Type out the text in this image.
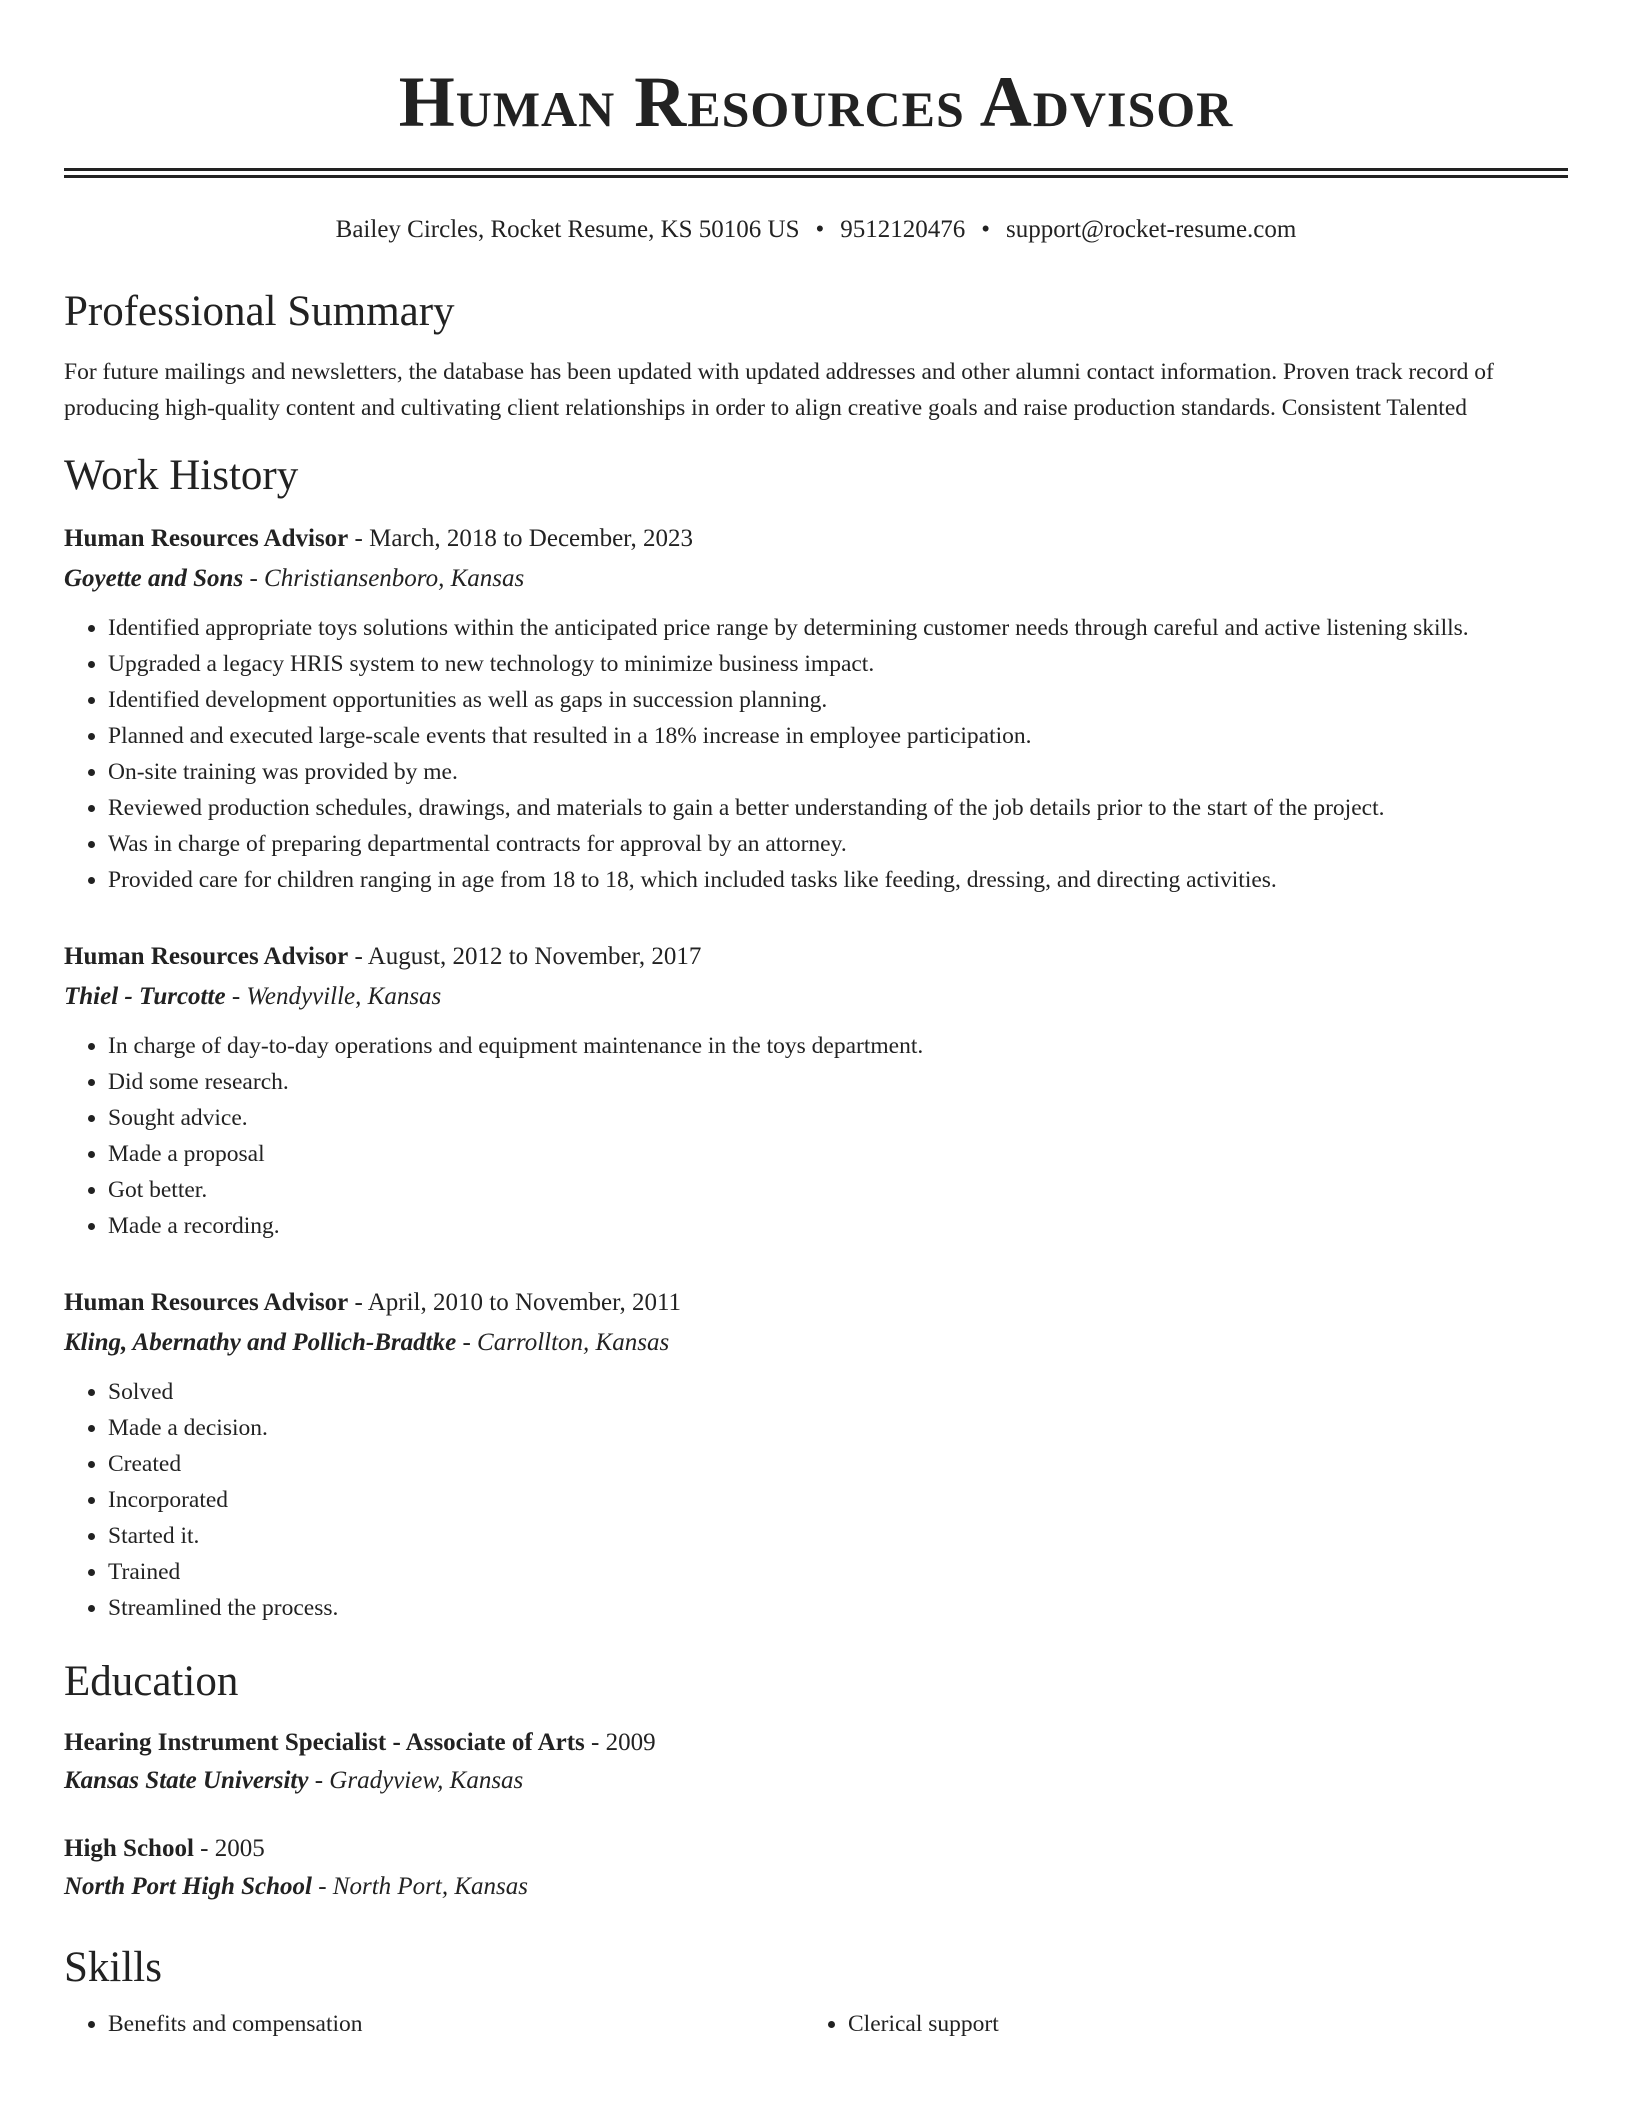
Human Resources Advisor
Bailey Circles, Rocket Resume, KS 50106 US • 9512120476 • support@rocket-resume.com
Professional Summary
For future mailings and newsletters, the database has been updated with updated addresses and other alumni contact information. Proven track record of producing high-quality content and cultivating client relationships in order to align creative goals and raise production standards. Consistent Talented
Work History
Human Resources Advisor - March, 2018 to December, 2023
Goyette and Sons - Christiansenboro, Kansas
• Identified appropriate toys solutions within the anticipated price range by determining customer needs through careful and active listening skills.
• Upgraded a legacy HRIS system to new technology to minimize business impact.
• Identified development opportunities as well as gaps in succession planning.
• Planned and executed large-scale events that resulted in a 18% increase in employee participation.
• On-site training was provided by me.
• Reviewed production schedules, drawings, and materials to gain a better understanding of the job details prior to the start of the project.
• Was in charge of preparing departmental contracts for approval by an attorney.
• Provided care for children ranging in age from 18 to 18, which included tasks like feeding, dressing, and directing activities.
Human Resources Advisor - August, 2012 to November, 2017
Thiel - Turcotte - Wendyville, Kansas
• In charge of day-to-day operations and equipment maintenance in the toys department.
• Did some research.
• Sought advice.
• Made a proposal
• Got better.
• Made a recording.
Human Resources Advisor - April, 2010 to November, 2011
Kling, Abernathy and Pollich-Bradtke - Carrollton, Kansas
• Solved
• Made a decision.
• Created
• Incorporated
• Started it.
• Trained
• Streamlined the process.
Education
Hearing Instrument Specialist - Associate of Arts - 2009
Kansas State University - Gradyview, Kansas
High School - 2005
North Port High School - North Port, Kansas
Skills
• Benefits and compensation
•	Clerical support
